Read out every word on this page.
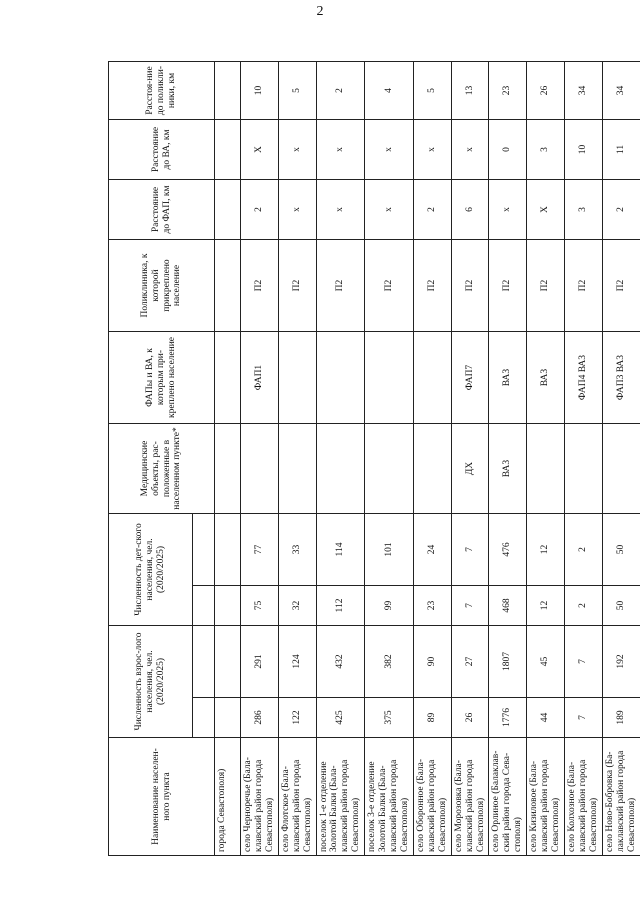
2
Наименование населен-ного пункта	Численность взрос-лого населения, чел. (2020/2025)		Численность дет-ского населения, чел. (2020/2025)		Медицинские объекты, рас-положенные в населенном пункте*	ФАПы и ВА, к которым при-креплено население	Поликлиника, к которой прикреплено население	Расстояние до ФАП, км	Расстояние до ВА, км	Расстоя-ние до поликли-ники, км

города Севастополя)										
село Черноречье (Бала-клавский район города Севастополя)	286	291	75	77		ФАП1	П2	2	Х	10
село Флотское (Бала-клавский район города Севастополя)	122	124	32	33			П2	х	х	5
поселок 1-е отделение Золотой Балки (Бала-клавский район города Севастополя)	425	432	112	114			П2	х	х	2
поселок 3-е отделение Золотой Балки (Бала-клавский район города Севастополя)	375	382	99	101			П2	х	х	4
село Оборонное (Бала-клавский район города Севастополя)	89	90	23	24			П2	2	х	5
село Морозовка (Бала-клавский район города Севастополя)	26	27	7	7	ДХ	ФАП7	П2	6	х	13
село Орлиное (Балаклав-ский район города Сева-стополя)	1776	1807	468	476	ВА3	ВА3	П2	х	0	23
село Кизиловое (Бала-клавский район города Севастополя)	44	45	12	12		ВА3	П2	Х	3	26
село Колхозное (Бала-клавский район города Севастополя)	7	7	2	2		ФАП4 ВА3	П2	3	10	34
село Ново-Бобровка (Ба-лаклавский район города Севастополя)	189	192	50	50		ФАП3 ВА3	П2	2	11	34
